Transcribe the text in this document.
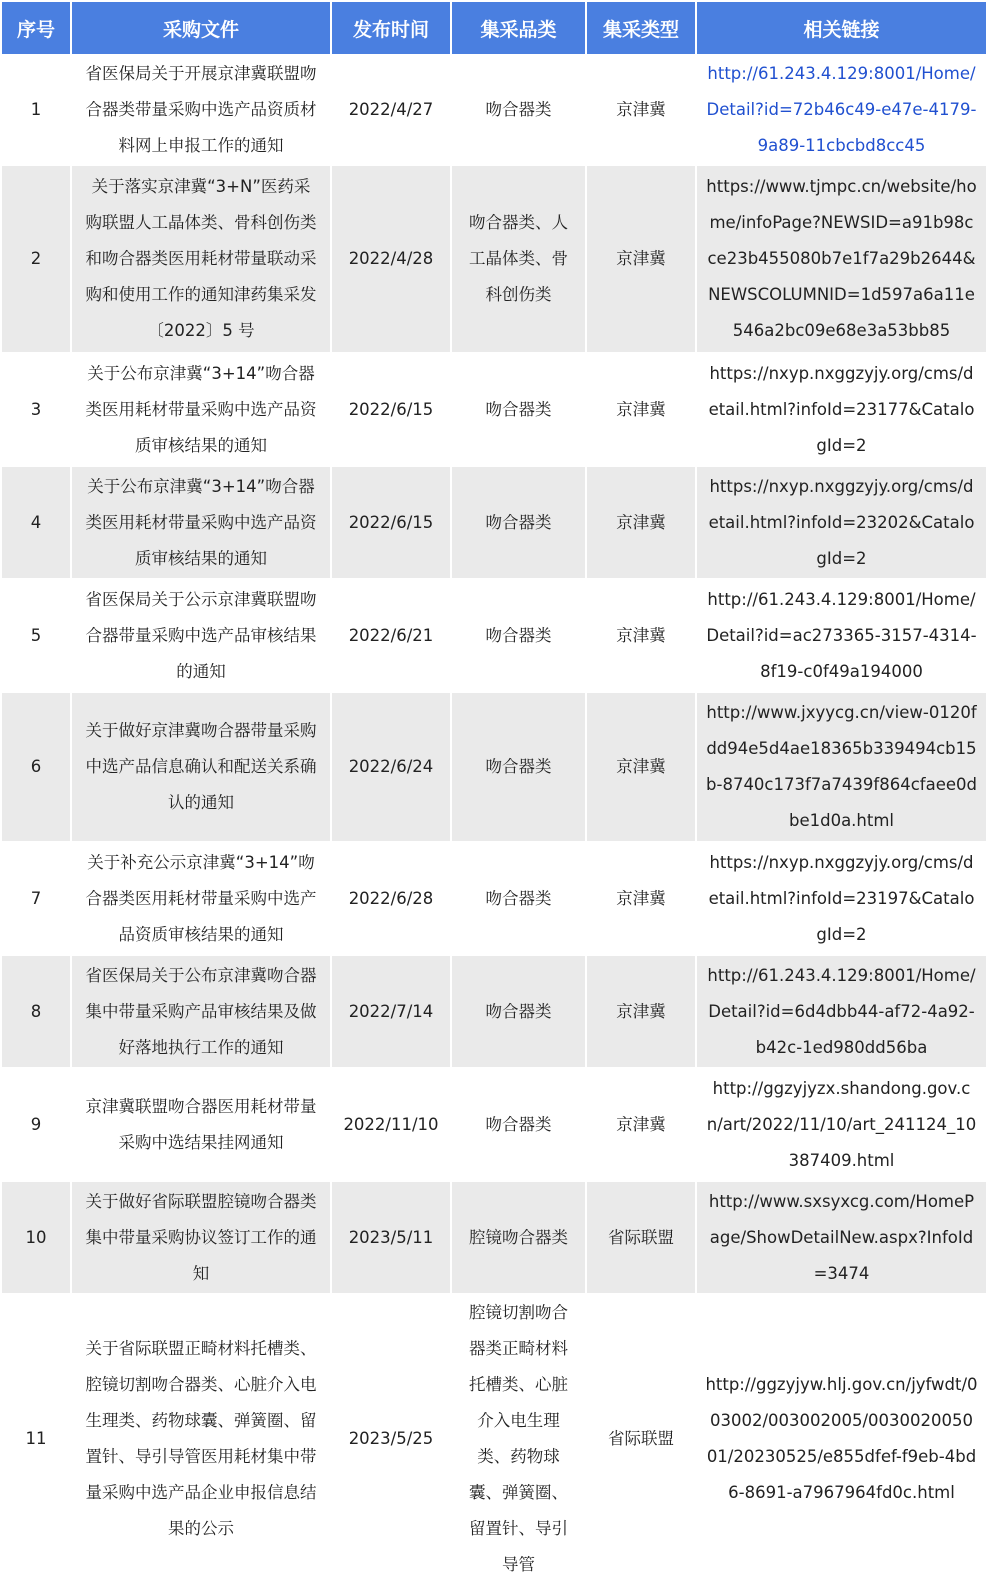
序号	采购文件	发布时间	集采品类	集采类型	相关链接
1	省医保局关于开展京津冀联盟吻合器类带量采购中选产品资质材料网上申报工作的通知	2022/4/27	吻合器类	京津冀	http://61.243.4.129:8001/Home/Detail?id=72b46c49-e47e-4179-9a89-11cbcbd8cc45
2	关于落实京津冀“3+N”医药采购联盟人工晶体类、骨科创伤类和吻合器类医用耗材带量联动采购和使用工作的通知津药集采发〔2022〕5 号	2022/4/28	吻合器类、人工晶体类、骨科创伤类	京津冀	https://www.tjmpc.cn/website/home/infoPage?NEWSID=a91b98cce23b455080b7e1f7a29b2644&NEWSCOLUMNID=1d597a6a11e546a2bc09e68e3a53bb85
3	关于公布京津冀“3+14”吻合器类医用耗材带量采购中选产品资质审核结果的通知	2022/6/15	吻合器类	京津冀	https://nxyp.nxggzyjy.org/cms/detail.html?infoId=23177&CatalogId=2
4	关于公布京津冀“3+14”吻合器类医用耗材带量采购中选产品资质审核结果的通知	2022/6/15	吻合器类	京津冀	https://nxyp.nxggzyjy.org/cms/detail.html?infoId=23202&CatalogId=2
5	省医保局关于公示京津冀联盟吻合器带量采购中选产品审核结果的通知	2022/6/21	吻合器类	京津冀	http://61.243.4.129:8001/Home/Detail?id=ac273365-3157-4314-8f19-c0f49a194000
6	关于做好京津冀吻合器带量采购中选产品信息确认和配送关系确认的通知	2022/6/24	吻合器类	京津冀	http://www.jxyycg.cn/view-0120fdd94e5d4ae18365b339494cb15b-8740c173f7a7439f864cfaee0dbe1d0a.html
7	关于补充公示京津冀“3+14”吻合器类医用耗材带量采购中选产品资质审核结果的通知	2022/6/28	吻合器类	京津冀	https://nxyp.nxggzyjy.org/cms/detail.html?infoId=23197&CatalogId=2
8	省医保局关于公布京津冀吻合器集中带量采购产品审核结果及做好落地执行工作的通知	2022/7/14	吻合器类	京津冀	http://61.243.4.129:8001/Home/Detail?id=6d4dbb44-af72-4a92-b42c-1ed980dd56ba
9	京津冀联盟吻合器医用耗材带量采购中选结果挂网通知	2022/11/10	吻合器类	京津冀	http://ggzyjyzx.shandong.gov.cn/art/2022/11/10/art_241124_10387409.html
10	关于做好省际联盟腔镜吻合器类集中带量采购协议签订工作的通知	2023/5/11	腔镜吻合器类	省际联盟	http://www.sxsyxcg.com/HomePage/ShowDetailNew.aspx?InfoId=3474
11	关于省际联盟正畸材料托槽类、腔镜切割吻合器类、心脏介入电生理类、药物球囊、弹簧圈、留置针、导引导管医用耗材集中带量采购中选产品企业申报信息结果的公示	2023/5/25	腔镜切割吻合器类正畸材料托槽类、心脏介入电生理类、药物球囊、弹簧圈、留置针、导引导管	省际联盟	http://ggzyjyw.hlj.gov.cn/jyfwdt/003002/003002005/003002005001/20230525/e855dfef-f9eb-4bd6-8691-a7967964fd0c.html
